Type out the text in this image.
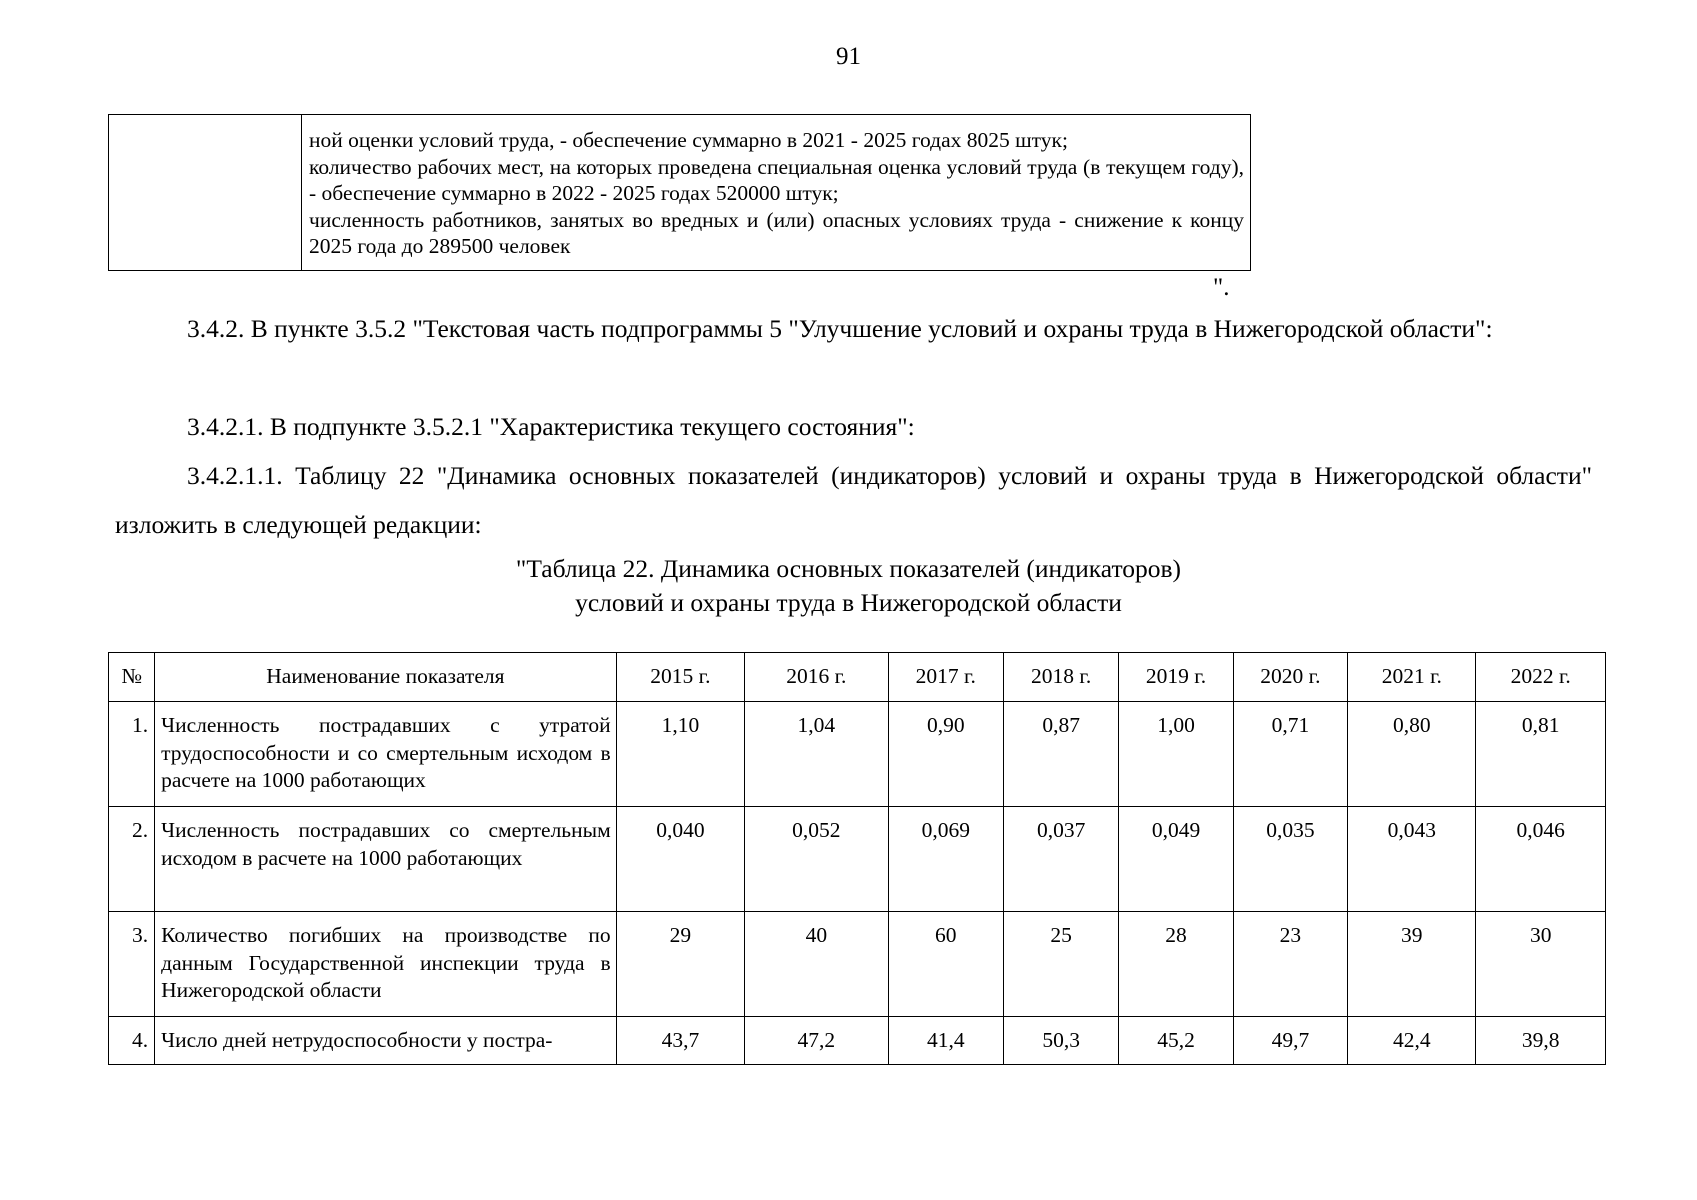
91

ной оценки условий труда, - обеспечение суммарно в 2021 - 2025 годах 8025 штук;
количество рабочих мест, на которых проведена специальная оценка условий труда (в текущем году), - обеспечение суммарно в 2022 - 2025 годах 520000 штук;
численность работников, занятых во вредных и (или) опасных условиях труда - снижение к концу 2025 года до 289500 человек
".

3.4.2. В пункте 3.5.2 "Текстовая часть подпрограммы 5 "Улучшение условий и охраны труда в Нижегородской области":

3.4.2.1. В подпункте 3.5.2.1 "Характеристика текущего состояния":

3.4.2.1.1. Таблицу 22 "Динамика основных показателей (индикаторов) условий и охраны труда в Нижегородской области" изложить в следующей редакции:

"Таблица 22. Динамика основных показателей (индикаторов)
условий и охраны труда в Нижегородской области
№	Наименование показателя	2015 г.	2016 г.	2017 г.	2018 г.	2019 г.	2020 г.	2021 г.	2022 г.
1.	Численность пострадавших с утратой трудоспособности и со смертельным исходом в расчете на 1000 работающих	1,10	1,04	0,90	0,87	1,00	0,71	0,80	0,81
2.	Численность пострадавших со смертельным исходом в расчете на 1000 работающих	0,040	0,052	0,069	0,037	0,049	0,035	0,043	0,046
3.	Количество погибших на производстве по данным Государственной инспекции труда в Нижегородской области	29	40	60	25	28	23	39	30
4.	Число дней нетрудоспособности у постра-	43,7	47,2	41,4	50,3	45,2	49,7	42,4	39,8
